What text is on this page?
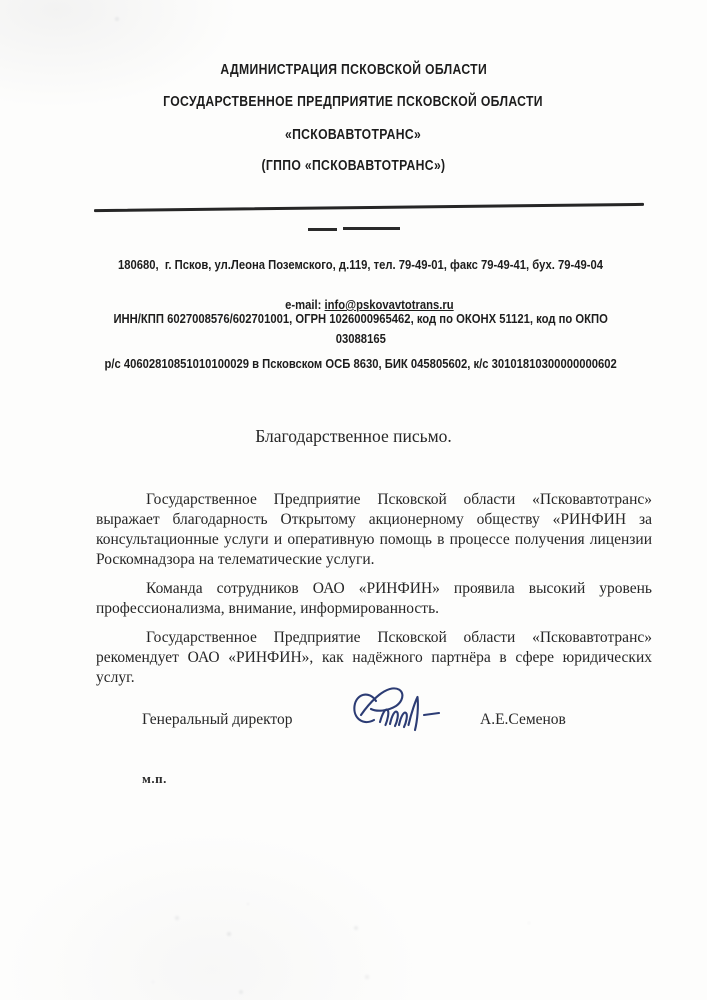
АДМИНИСТРАЦИЯ ПСКОВСКОЙ ОБЛАСТИ
ГОСУДАРСТВЕННОЕ ПРЕДПРИЯТИЕ ПСКОВСКОЙ ОБЛАСТИ
«ПСКОВАВТОТРАНС»
(ГППО «ПСКОВАВТОТРАНС»)

180680,  г. Псков, ул.Леона Поземского, д.119, тел. 79-49-01, факс 79-49-41, бух. 79-49-04

e-mail: info@pskovavtotrans.ru

ИНН/КПП 6027008576/602701001, ОГРН 1026000965462, код по ОКОНХ 51121, код по ОКПО

03088165

р/с 40602810851010100029 в Псковском ОСБ 8630, БИК 045805602, к/с 30101810300000000602

Благодарственное письмо.

Государственное Предприятие Псковской области «Псковавтотранс» выражает благодарность Открытому акционерному обществу «РИНФИН за консультационные услуги и оперативную помощь в процессе получения лицензии Роскомнадзора на телематические услуги.

Команда сотрудников ОАО «РИНФИН» проявила высокий уровень профессионализма, внимание, информированность.

Государственное Предприятие Псковской области «Псковавтотранс» рекомендует ОАО «РИНФИН», как надёжного партнёра в сфере юридических услуг.

Генеральный директор	А.Е.Семенов
м.п.
